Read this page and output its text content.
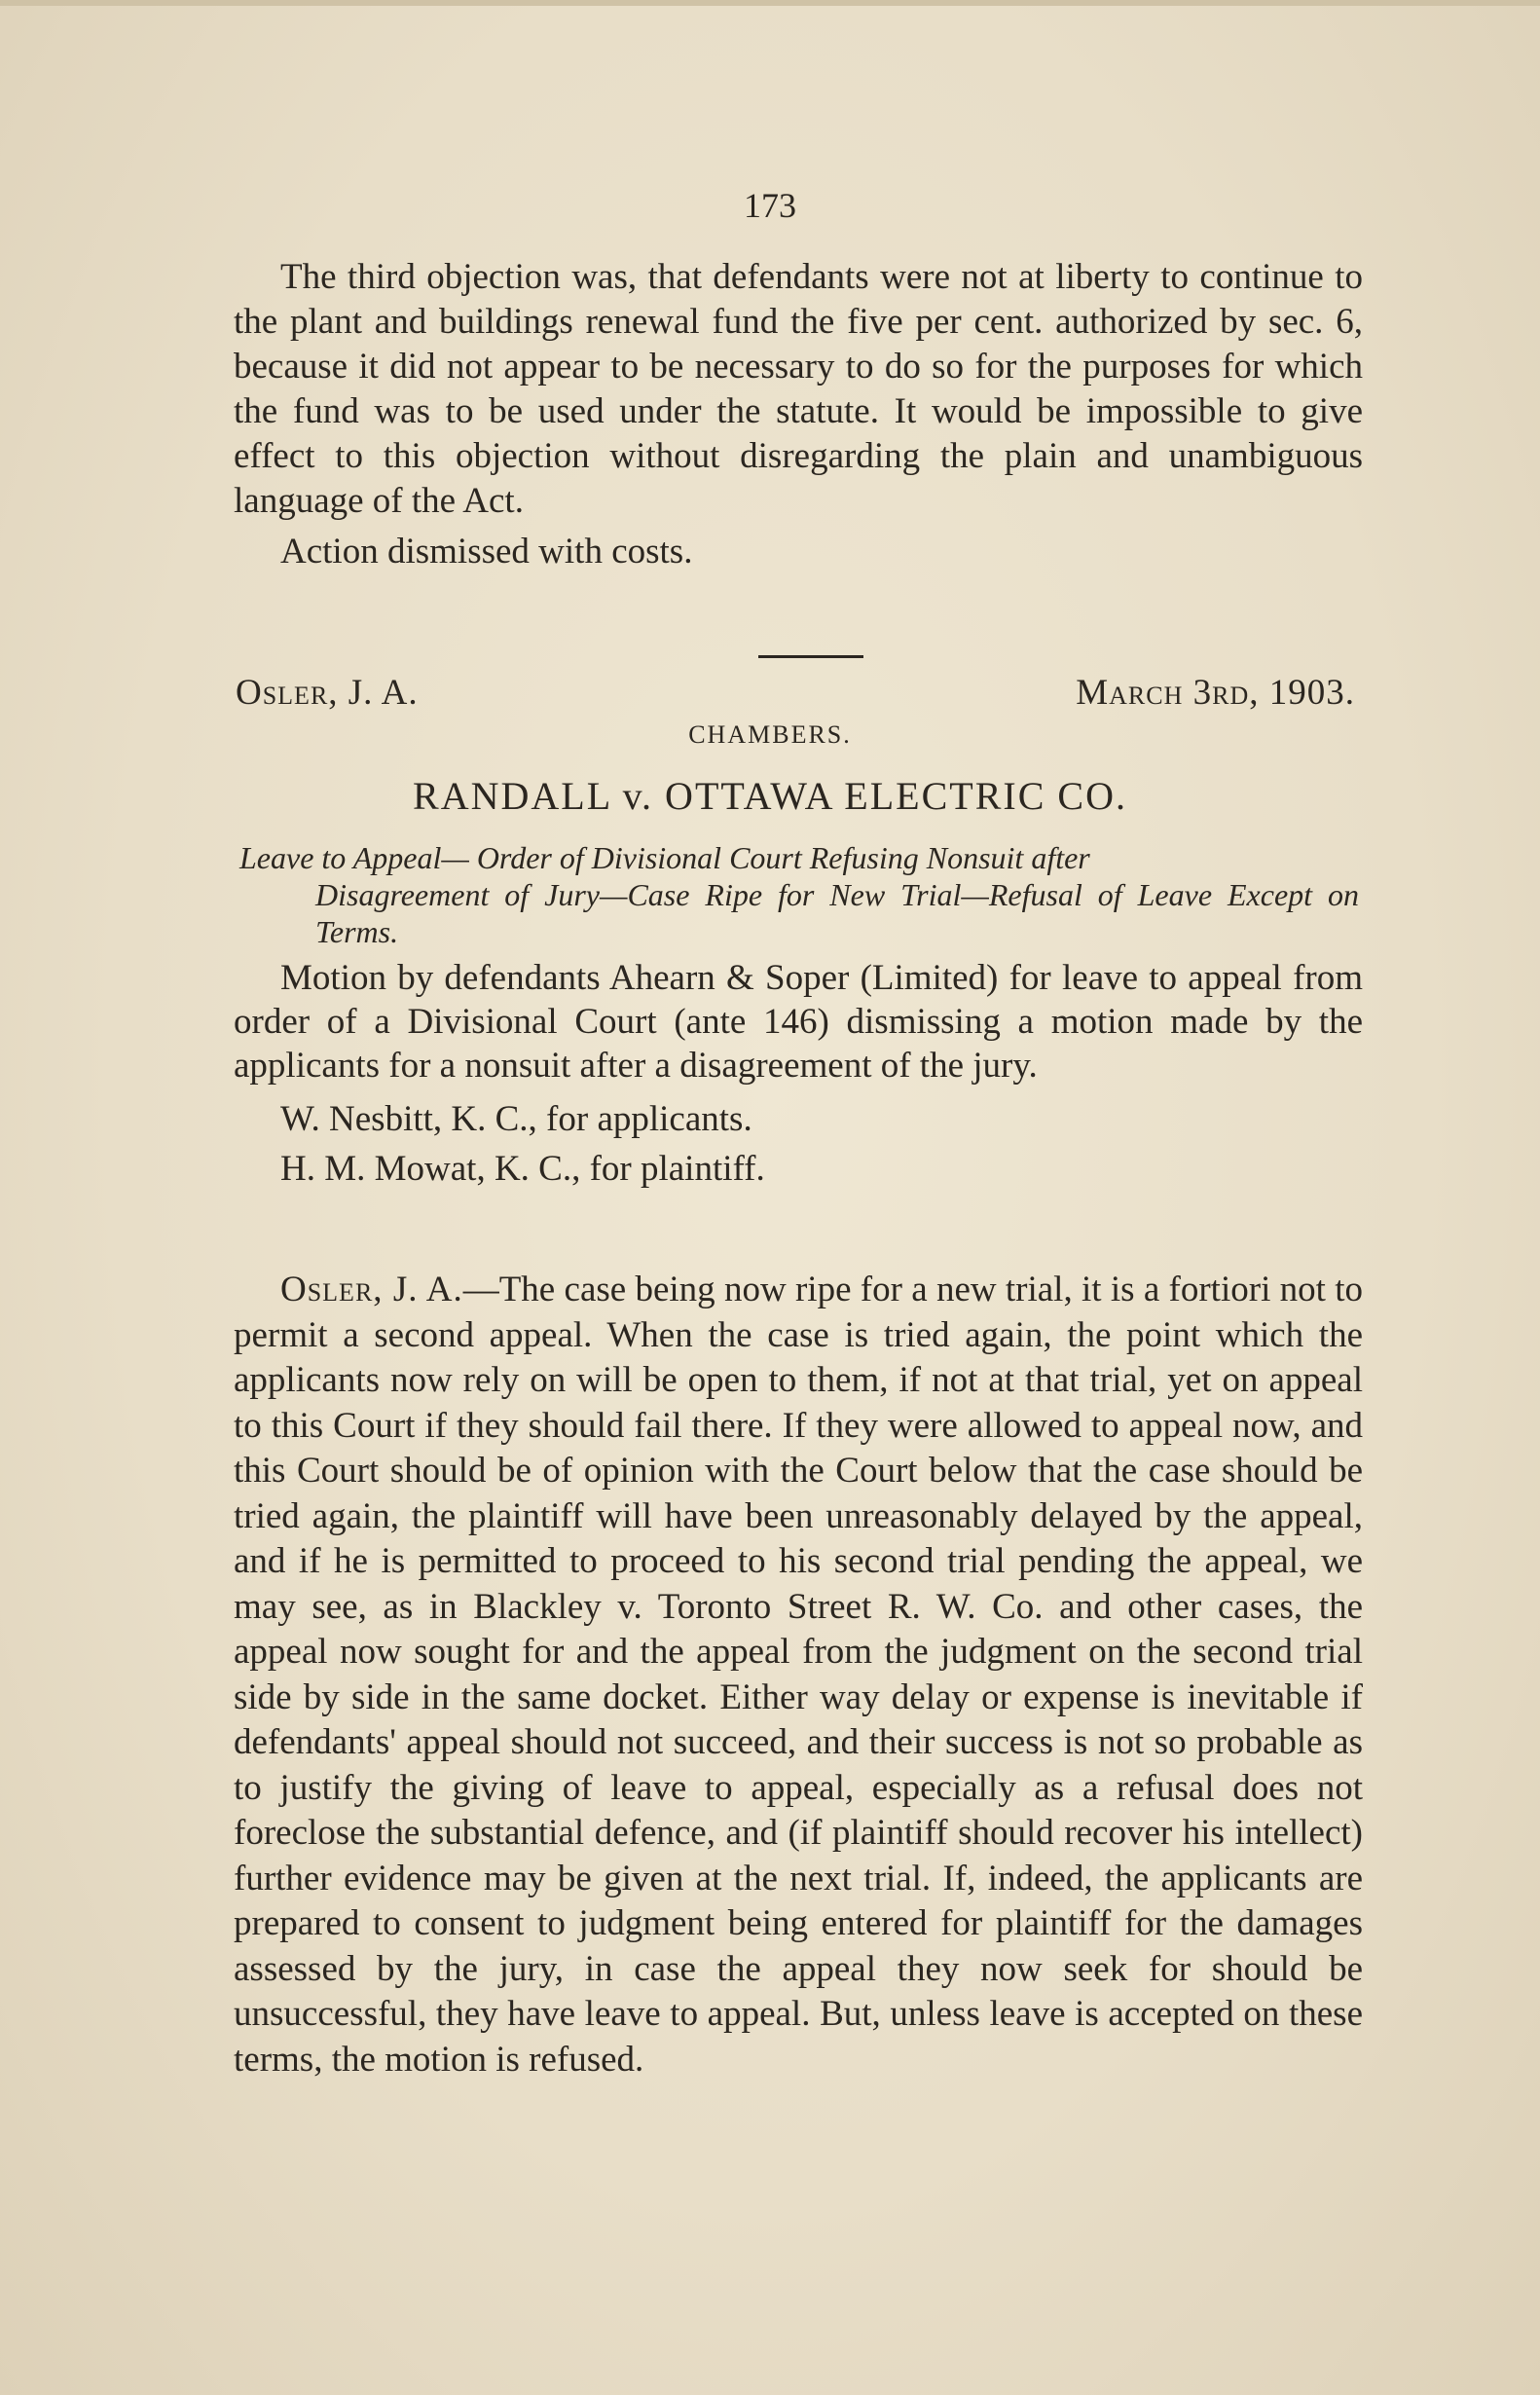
173

The third objection was, that defendants were not at liberty to continue to the plant and buildings renewal fund the five per cent. authorized by sec. 6, because it did not appear to be necessary to do so for the purposes for which the fund was to be used under the statute. It would be impossible to give effect to this objection without disregarding the plain and unambiguous language of the Act.

Action dismissed with costs.

Osler, J. A.	March 3rd, 1903.
CHAMBERS.
RANDALL v. OTTAWA ELECTRIC CO.
Leave to Appeal— Order of Divisional Court Refusing Nonsuit after
Disagreement of Jury—Case Ripe for New Trial—Refusal of Leave Except on Terms.

Motion by defendants Ahearn & Soper (Limited) for leave to appeal from order of a Divisional Court (ante 146) dismissing a motion made by the applicants for a nonsuit after a disagreement of the jury.

W. Nesbitt, K. C., for applicants.

H. M. Mowat, K. C., for plaintiff.

Osler, J. A.—The case being now ripe for a new trial, it is a fortiori not to permit a second appeal. When the case is tried again, the point which the applicants now rely on will be open to them, if not at that trial, yet on appeal to this Court if they should fail there. If they were allowed to appeal now, and this Court should be of opinion with the Court below that the case should be tried again, the plaintiff will have been unreasonably delayed by the appeal, and if he is permitted to proceed to his second trial pending the appeal, we may see, as in Blackley v. Toronto Street R. W. Co. and other cases, the appeal now sought for and the appeal from the judgment on the second trial side by side in the same docket. Either way delay or expense is inevitable if defendants' appeal should not succeed, and their success is not so probable as to justify the giving of leave to appeal, especially as a refusal does not foreclose the substantial defence, and (if plaintiff should recover his intellect) further evidence may be given at the next trial. If, indeed, the applicants are prepared to consent to judgment being entered for plaintiff for the damages assessed by the jury, in case the appeal they now seek for should be unsuccessful, they have leave to appeal. But, unless leave is accepted on these terms, the motion is refused.
